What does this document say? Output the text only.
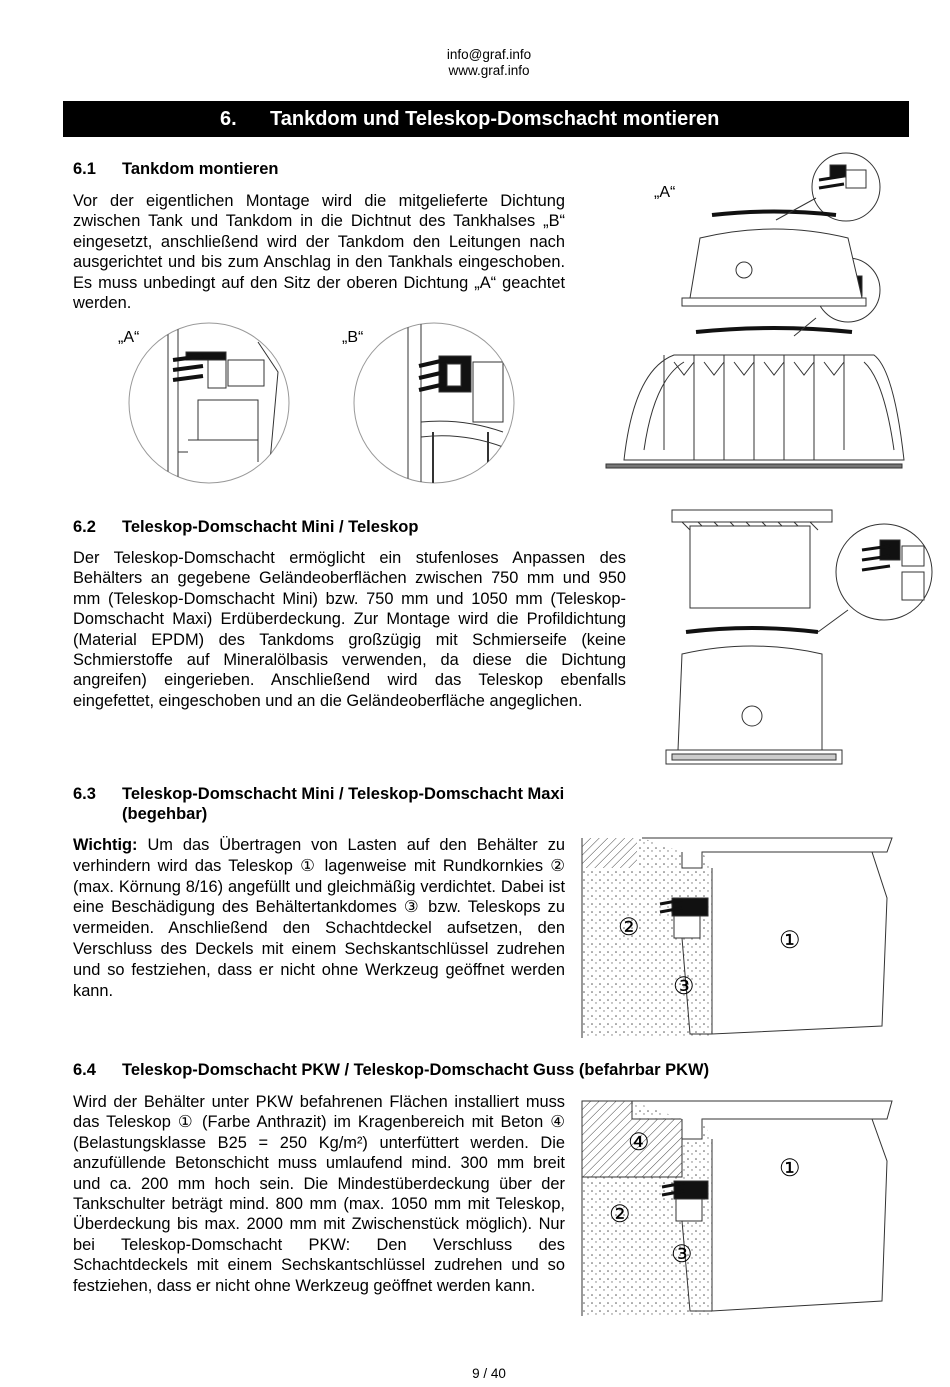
info@graf.info
www.graf.info
6. Tankdom und Teleskop-Domschacht montieren
6.1 Tankdom montieren
Vor der eigentlichen Montage wird die mitgelieferte Dichtung zwischen Tank und Tankdom in die Dichtnut des Tankhalses „B“ eingesetzt, anschließend wird der Tankdom den Leitungen nach ausgerichtet und bis zum Anschlag in den Tankhals eingeschoben. Es muss unbedingt auf den Sitz der oberen Dichtung „A“ geachtet werden.
„A“	„B“
„A“
6.2 Teleskop-Domschacht Mini / Teleskop
Der Teleskop-Domschacht ermöglicht ein stufenloses Anpassen des Behälters an gegebene Geländeoberflächen zwischen 750 mm und 950 mm (Teleskop-Domschacht Mini) bzw. 750 mm und 1050 mm (Teleskop-Domschacht Maxi) Erdüberdeckung. Zur Montage wird die Profildichtung (Material EPDM) des Tankdoms großzügig mit Schmierseife (keine Schmierstoffe auf Mineralölbasis verwenden, da diese die Dichtung angreifen) eingerieben. Anschließend wird das Teleskop ebenfalls eingefettet, eingeschoben und an die Geländeoberfläche angeglichen.
6.3 Teleskop-Domschacht Mini / Teleskop-Domschacht Maxi
(begehbar)
Wichtig: Um das Übertragen von Lasten auf den Behälter zu verhindern wird das Teleskop ① lagenweise mit Rundkornkies ② (max. Körnung 8/16) angefüllt und gleichmäßig verdichtet. Dabei ist eine Beschädigung des Behältertankdomes ③ bzw. Teleskops zu vermeiden. Anschließend den Schachtdeckel aufsetzen, den Verschluss des Deckels mit einem Sechskantschlüssel zudrehen und so festziehen, dass er nicht ohne Werkzeug geöffnet werden kann.
②	①
③
6.4 Teleskop-Domschacht PKW / Teleskop-Domschacht Guss (befahrbar PKW)
Wird der Behälter unter PKW befahrenen Flächen installiert muss das Teleskop ① (Farbe Anthrazit) im Kragenbereich mit Beton ④ (Belastungsklasse B25 = 250 Kg/m²) unterfüttert werden. Die anzufüllende Betonschicht muss umlaufend mind. 300 mm breit und ca. 200 mm hoch sein. Die Mindestüberdeckung über der Tankschulter beträgt mind. 800 mm (max. 1050 mm mit Teleskop, Überdeckung bis max. 2000 mm mit Zwischenstück möglich). Nur bei Teleskop-Domschacht PKW: Den Verschluss des Schachtdeckels mit einem Sechskantschlüssel zudrehen und so festziehen, dass er nicht ohne Werkzeug geöffnet werden kann.
④
①
②
③
9 / 40
